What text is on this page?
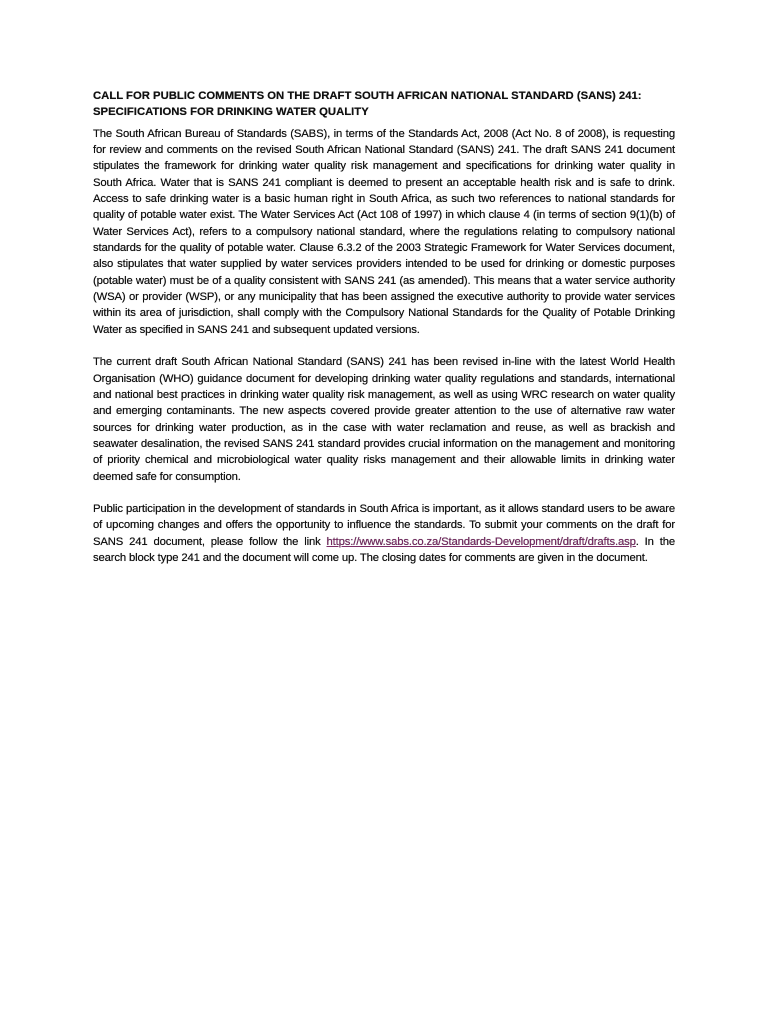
CALL FOR PUBLIC COMMENTS ON THE DRAFT SOUTH AFRICAN NATIONAL STANDARD (SANS) 241:
SPECIFICATIONS FOR DRINKING WATER QUALITY

The South African Bureau of Standards (SABS), in terms of the Standards Act, 2008 (Act No. 8 of 2008), is requesting for review and comments on the revised South African National Standard (SANS) 241. The draft SANS 241 document stipulates the framework for drinking water quality risk management and specifications for drinking water quality in South Africa. Water that is SANS 241 compliant is deemed to present an acceptable health risk and is safe to drink. Access to safe drinking water is a basic human right in South Africa, as such two references to national standards for quality of potable water exist. The Water Services Act (Act 108 of 1997) in which clause 4 (in terms of section 9(1)(b) of Water Services Act), refers to a compulsory national standard, where the regulations relating to compulsory national standards for the quality of potable water. Clause 6.3.2 of the 2003 Strategic Framework for Water Services document, also stipulates that water supplied by water services providers intended to be used for drinking or domestic purposes (potable water) must be of a quality consistent with SANS 241 (as amended). This means that a water service authority (WSA) or provider (WSP), or any municipality that has been assigned the executive authority to provide water services within its area of jurisdiction, shall comply with the Compulsory National Standards for the Quality of Potable Drinking Water as specified in SANS 241 and subsequent updated versions.

The current draft South African National Standard (SANS) 241 has been revised in-line with the latest World Health Organisation (WHO) guidance document for developing drinking water quality regulations and standards, international and national best practices in drinking water quality risk management, as well as using WRC research on water quality and emerging contaminants. The new aspects covered provide greater attention to the use of alternative raw water sources for drinking water production, as in the case with water reclamation and reuse, as well as brackish and seawater desalination, the revised SANS 241 standard provides crucial information on the management and monitoring of priority chemical and microbiological water quality risks management and their allowable limits in drinking water deemed safe for consumption.

Public participation in the development of standards in South Africa is important, as it allows standard users to be aware of upcoming changes and offers the opportunity to influence the standards. To submit your comments on the draft for SANS 241 document, please follow the link https://www.sabs.co.za/Standards-Development/draft/drafts.asp. In the search block type 241 and the document will come up. The closing dates for comments are given in the document.
